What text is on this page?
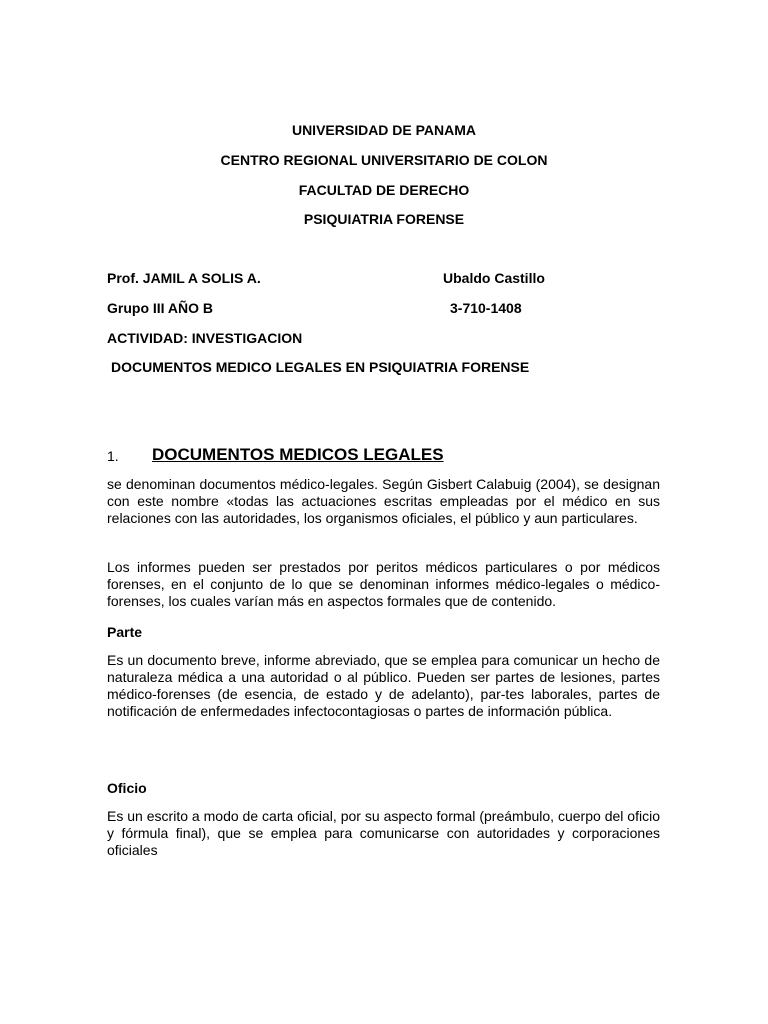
UNIVERSIDAD DE PANAMA
CENTRO REGIONAL UNIVERSITARIO DE COLON
FACULTAD DE DERECHO
PSIQUIATRIA FORENSE
Prof. JAMIL A SOLIS A.	Ubaldo Castillo
Grupo III AÑO B	3-710-1408
ACTIVIDAD: INVESTIGACION
DOCUMENTOS MEDICO LEGALES EN PSIQUIATRIA FORENSE
1. DOCUMENTOS MEDICOS LEGALES
se denominan documentos médico-legales. Según Gisbert Calabuig (2004), se designan con este nombre «todas las actuaciones escritas empleadas por el médico en sus relaciones con las autoridades, los organismos oficiales, el público y aun particulares.
Los informes pueden ser prestados por peritos médicos particulares o por médicos forenses, en el conjunto de lo que se denominan informes médico-legales o médico-forenses, los cuales varían más en aspectos formales que de contenido.
Parte
Es un documento breve, informe abreviado, que se emplea para comunicar un hecho de naturaleza médica a una autoridad o al público. Pueden ser partes de lesiones, partes médico-forenses (de esencia, de estado y de adelanto), par-tes laborales, partes de notificación de enfermedades infectocontagiosas o partes de información pública.
Oficio
Es un escrito a modo de carta oficial, por su aspecto formal (preámbulo, cuerpo del oficio y fórmula final), que se emplea para comunicarse con autoridades y corporaciones oficiales
